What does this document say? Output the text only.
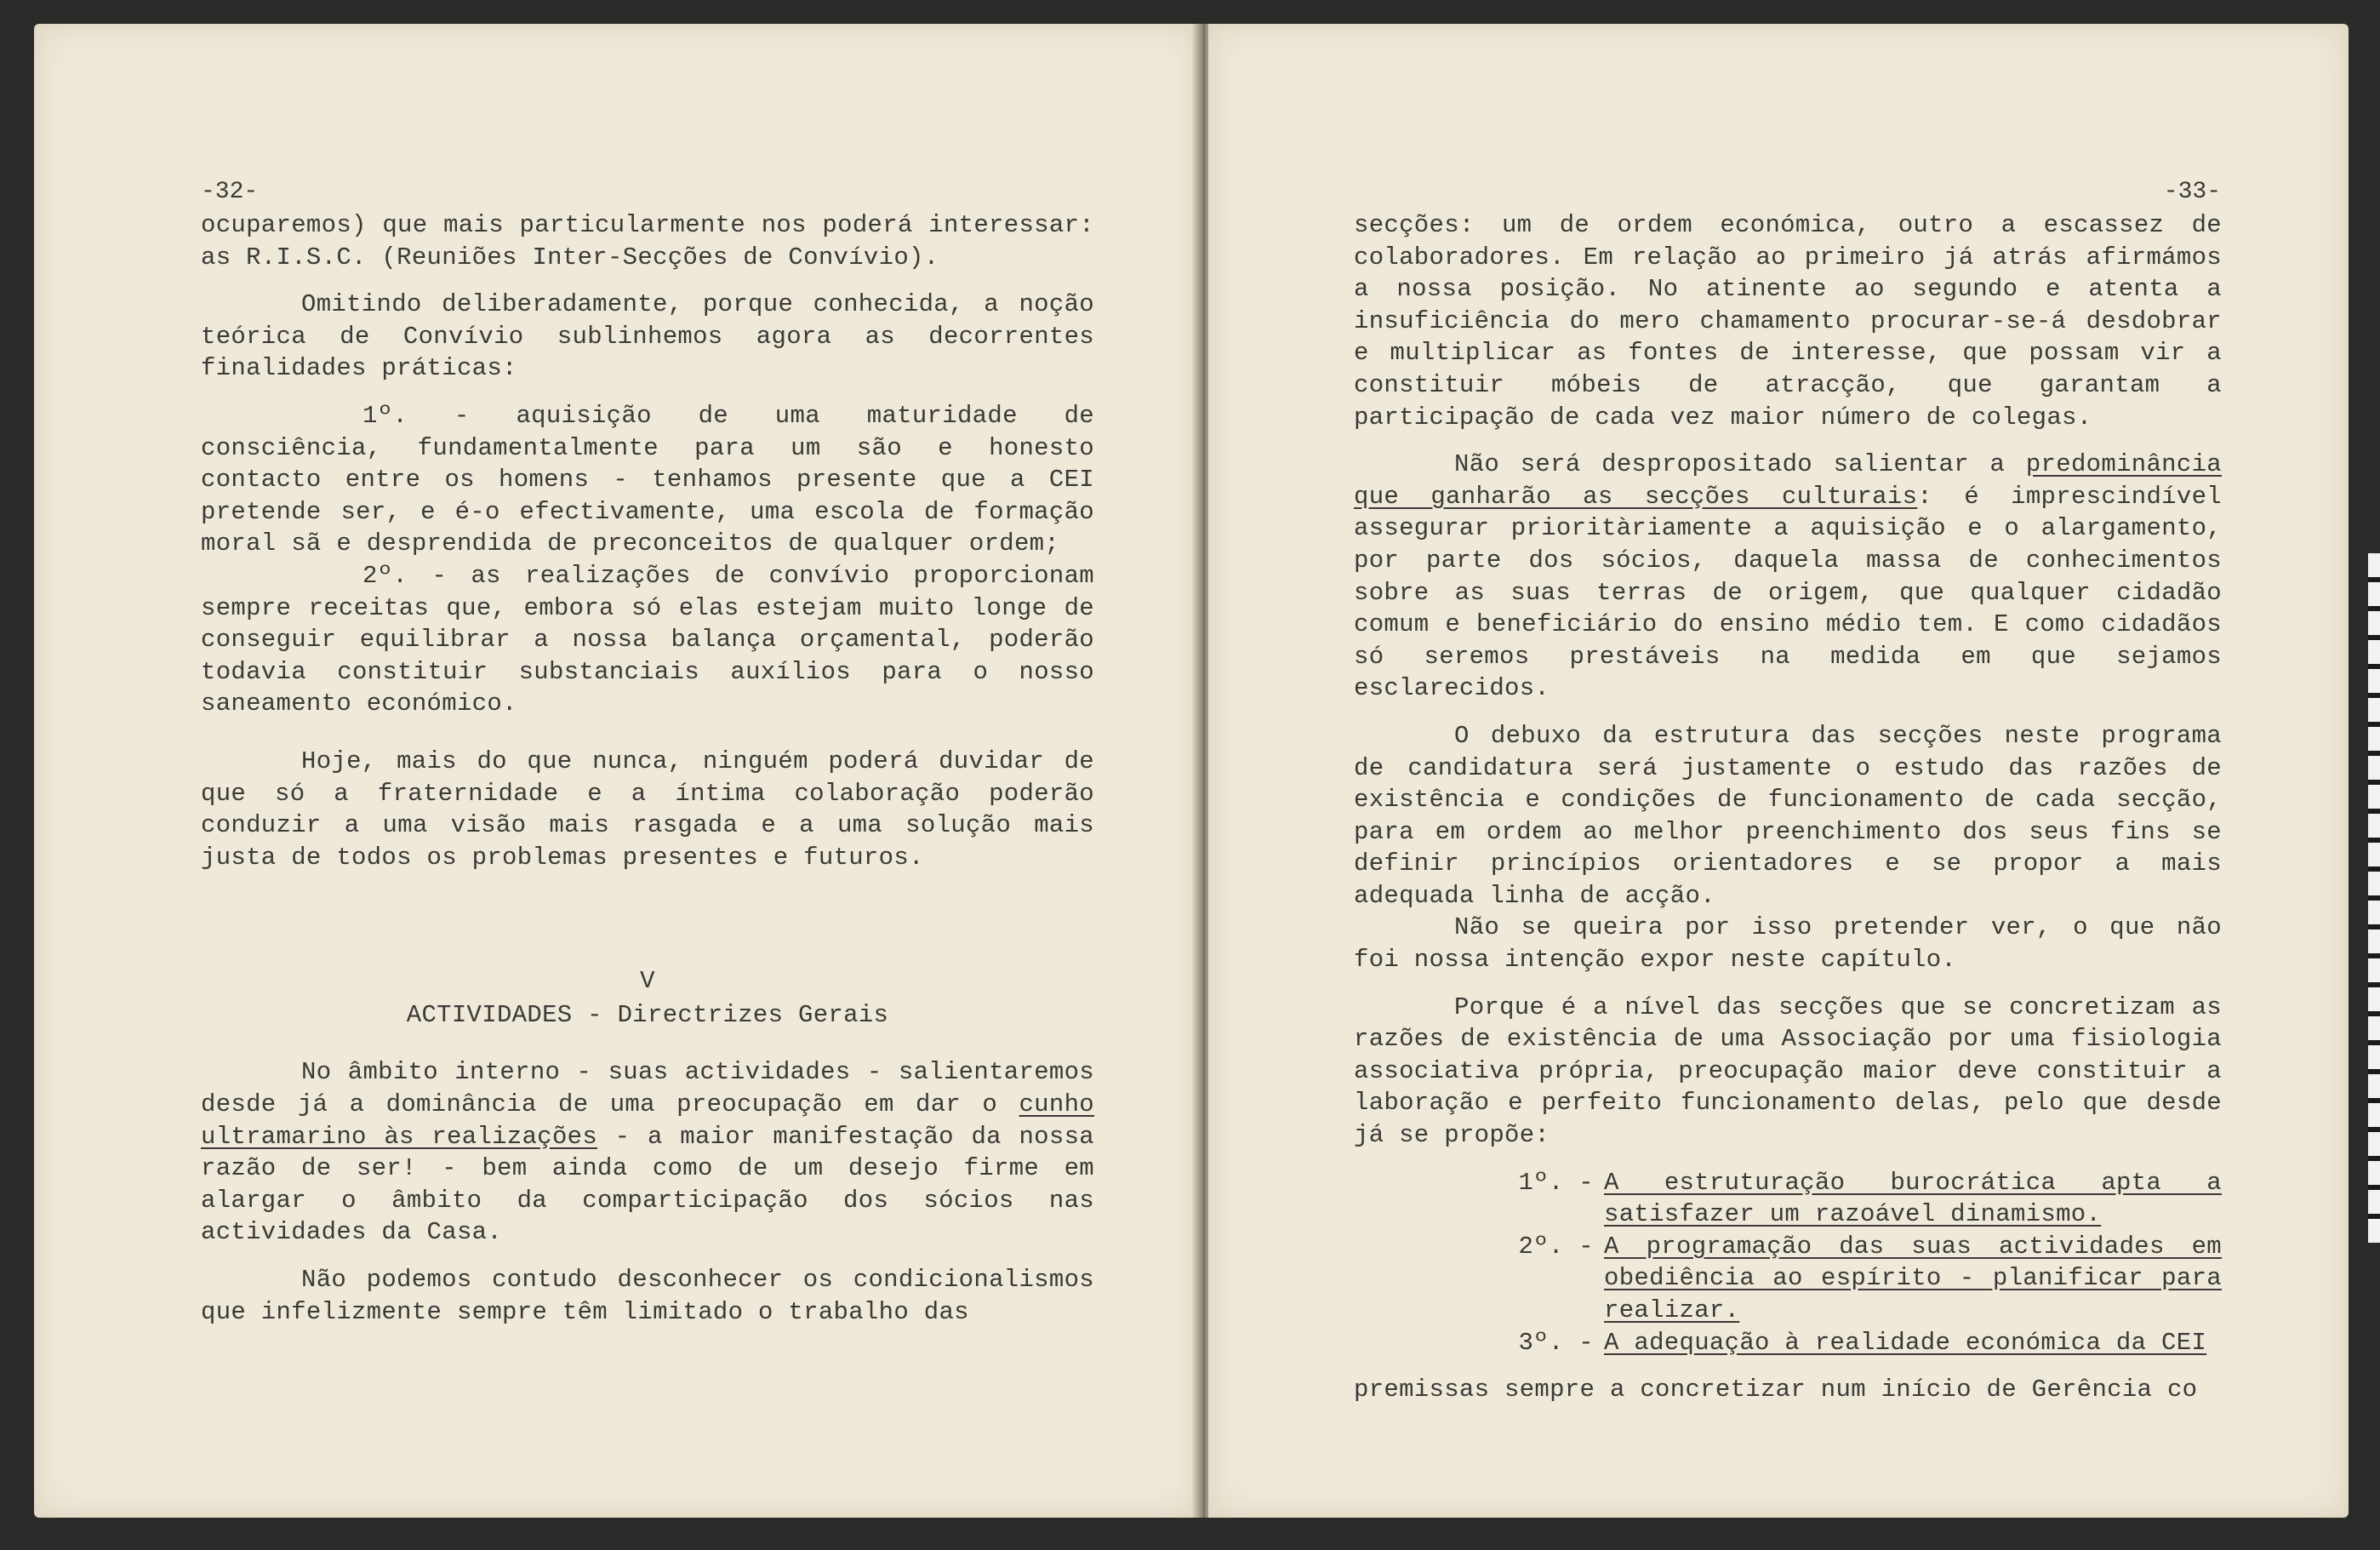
-32-

ocuparemos) que mais particularmente nos poderá interessar: as R.I.S.C. (Reuniões Inter-Secções de Convívio).

Omitindo deliberadamente, porque conhecida, a noção teórica de Convívio sublinhemos agora as decorrentes finalidades práticas:

1º. - aquisição de uma maturidade de consciência, fundamentalmente para um são e honesto contacto entre os homens - tenhamos presente que a CEI pretende ser, e é-o efectivamente, uma escola de formação moral sã e desprendida de preconceitos de qualquer ordem;

2º. - as realizações de convívio proporcionam sempre receitas que, embora só elas estejam muito longe de conseguir equilibrar a nossa balança orçamental, poderão todavia constituir substanciais auxílios para o nosso saneamento económico.

Hoje, mais do que nunca, ninguém poderá duvidar de que só a fraternidade e a íntima colaboração poderão conduzir a uma visão mais rasgada e a uma solução mais justa de todos os problemas presentes e futuros.

V

ACTIVIDADES - Directrizes Gerais

No âmbito interno - suas actividades - salientaremos desde já a dominância de uma preocupação em dar o cunho ultramarino às realizações - a maior manifestação da nossa razão de ser! - bem ainda como de um desejo firme em alargar o âmbito da comparticipação dos sócios nas actividades da Casa.

Não podemos contudo desconhecer os condicionalismos que infelizmente sempre têm limitado o trabalho das

-33-

secções: um de ordem económica, outro a escassez de colaboradores. Em relação ao primeiro já atrás afirmámos a nossa posição. No atinente ao segundo e atenta a insuficiência do mero chamamento procurar-se-á desdobrar e multiplicar as fontes de interesse, que possam vir a constituir móbeis de atracção, que garantam a participação de cada vez maior número de colegas.

Não será despropositado salientar a predominância que ganharão as secções culturais: é imprescindível assegurar prioritàriamente a aquisição e o alargamento, por parte dos sócios, daquela massa de conhecimentos sobre as suas terras de origem, que qualquer cidadão comum e beneficiário do ensino médio tem. E como cidadãos só seremos prestáveis na medida em que sejamos esclarecidos.

O debuxo da estrutura das secções neste programa de candidatura será justamente o estudo das razões de existência e condições de funcionamento de cada secção, para em ordem ao melhor preenchimento dos seus fins se definir princípios orientadores e se propor a mais adequada linha de acção.

Não se queira por isso pretender ver, o que não foi nossa intenção expor neste capítulo.

Porque é a nível das secções que se concretizam as razões de existência de uma Associação por uma fisiologia associativa própria, preocupação maior deve constituir a laboração e perfeito funcionamento delas, pelo que desde já se propõe:

1º. - A estruturação burocrática apta a satisfazer um razoável dinamismo.
2º. - A programação das suas actividades em obediência ao espírito - planificar para realizar.
3º. - A adequação à realidade económica da CEI

premissas sempre a concretizar num início de Gerência co
